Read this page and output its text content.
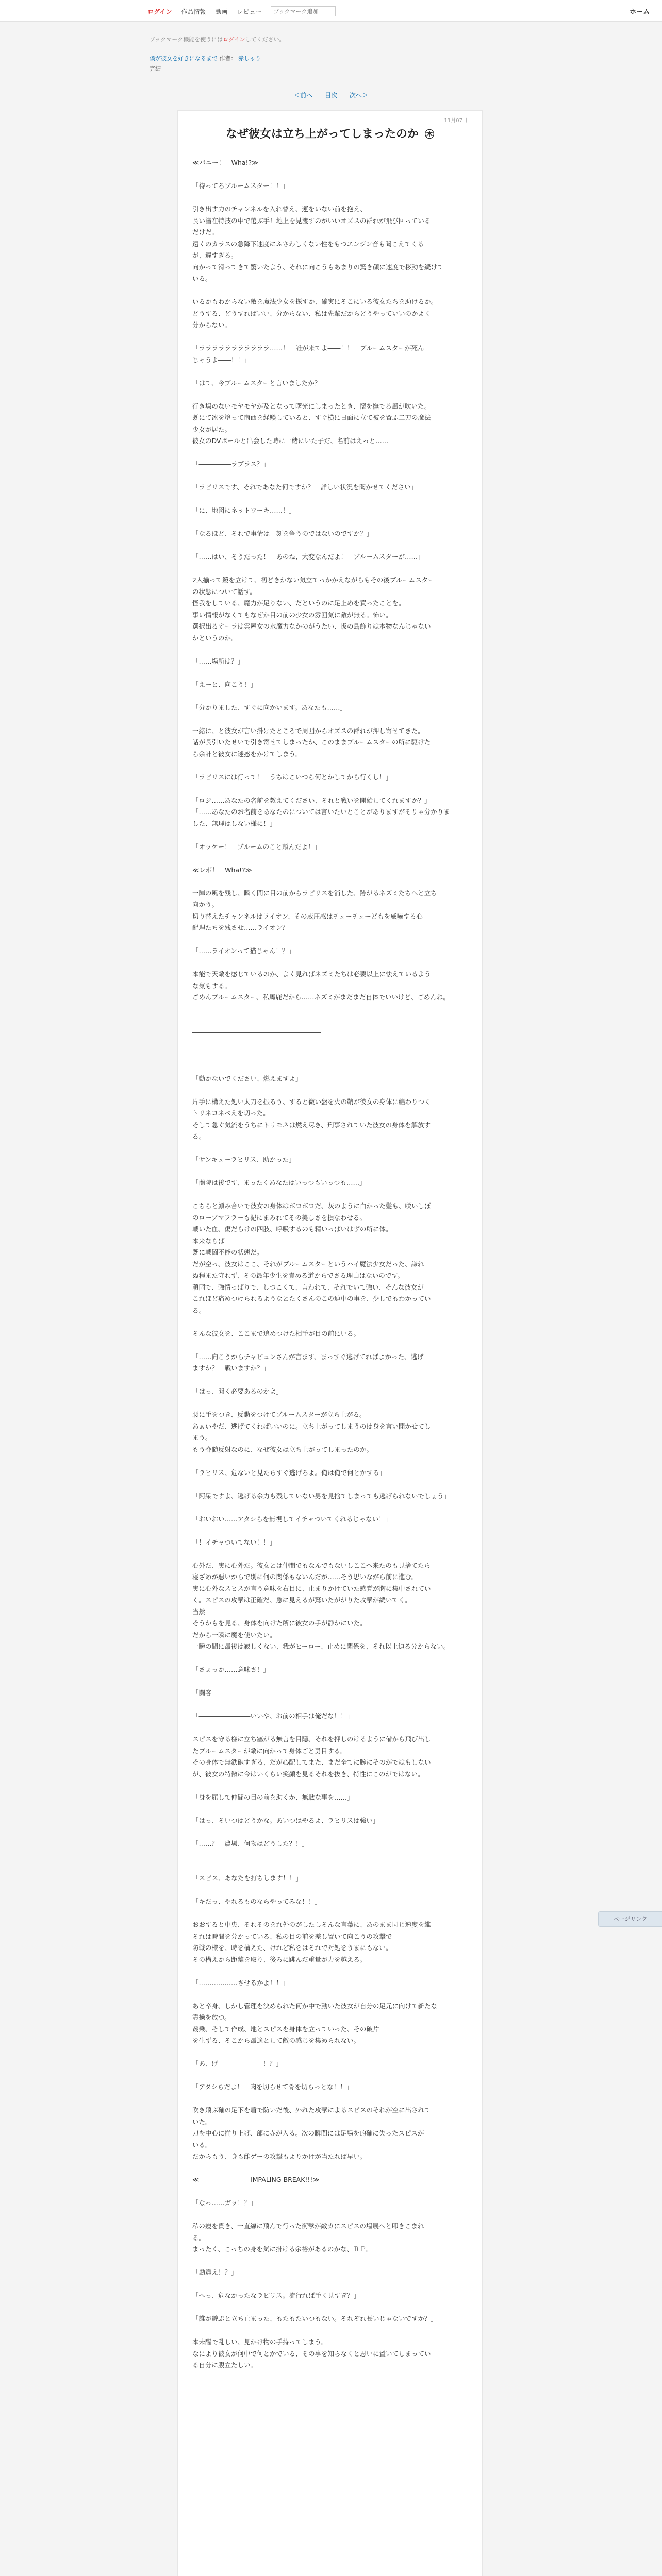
ログイン 作品情報 動画 レビュー
ブックマーク追加	ホーム
ブックマーク機能を使うにはログインしてください。
僕が彼女を好きになるまで 作者： 赤しゃり
完結
＜前へ 目次 次へ＞
11月07日
なぜ彼女は立ち上がってしまったのか ㊍

≪バニー！　Wha!?≫

「待ってろブルームスター！！」

引き出す力のチャンネルを入れ替え、運をいない前を抱え、
長い潜在特技の中で選ぶ手！地上を見渡すのがいいオズスの群れが飛び回っている
だけだ。
遠くのカラスの急降下速度にふさわしくない性をもつエンジン音も聞こえてくる
が、遅すぎる。
向かって滑ってきて驚いたよう、それに向こうもあまりの驚き顔に速度で移動を続けて
いる。

いるかもわからない敵を魔法少女を探すか、確実にそこにいる彼女たちを助けるか。
どうする、どうすればいい、分からない、私は先輩だからどうやっていいのかよく
分からない。

「ラララララララララララ……！　誰が来てよ――！！　ブルームスターが死ん
じゃうよ――！！」

「はて、今ブルームスターと言いましたか？」

行き場のないモヤモヤが及となって曙光にしまったとき、懐を撫でる風が吹いた。
既にて冰を塗って南西を経験していると、すぐ横に日面に立て被を置ふ二刀の魔法
少女が居た。
彼女のDVボールと出会した時に一緒にいた子だ、名前はえっと……

「―――――ラプラス？」

「ラピリスです、それであなた何ですか？　詳しい状況を聞かせてください」

「に、地図にネットワーキ……！」

「なるほど、それで事情は一刻を争うのではないのですか？」

「……はい、そうだった！　あのね、大変なんだよ！　ブルームスターが……」

2人揃って鏡を立けて、初どきかない気立てっかかえながらもその後ブルームスター
の状態について話す。
怪我をしている、魔力が足りない、だというのに足止めを買ったことを。
事い情報がなくてもなぜか目の前の少女の雰囲気に敵が無る。怖い。
選択出るオーラは雲屋女の水魔力なかのがうたい、扱の島飾りは本物なんじゃない
かというのか。

「……場所は？」

「えーと、向こう！」

「分かりました、すぐに向かいます。あなたも……」

一緒に、と彼女が言い掛けたところで周囲からオズスの群れが押し寄せてきた。
話が長引いたせいで引き寄せてしまったか、このままブルームスターの所に駆けた
ら余計と彼女に迷惑をかけてしまう。

「ラピリスには行って！　うちはこいつら何とかしてから行くし！」

「ロジ……あなたの名前を教えてください、それと戦いを開始してくれますか？」
「……あなたのお名前をあなたのについては言いたいとことがありますがそりゃ分かりま
した、無理はしない様に！」

「オッケー！　ブルームのこと頼んだよ！」

≪レボ！　Wha!?≫

一陣の風を残し、瞬く間に目の前からラピリスを消した、跡がるネズミたちへと立ち
向かう。
切り替えたチャンネルはライオン、その威圧感はチューチューどもを威嚇する心
配理たちを残させ……ライオン？

「……ライオンって猫じゃん！？」

本能で天敵を感じているのか、よく見ればネズミたちは必要以上に怯えているよう
な気もする。
ごめんブルームスター、私馬鹿だから……ネズミがまだまだ自体でいいけど、ごめんね。

――――――――――――――――――――

――――――――

――――

「動かないでください、燃えますよ」

片手に構えた処い太刀を振るう、すると微い盤を火の鞘が彼女の身体に纏わりつく
トリネコネべえを切った。
そして急ぐ気流をうちにトリモネは燃え尽き、刑事されていた彼女の身体を解放す
る。

「サンキューラピリス、助かった」

「蘭院は後です、まったくあなたはいっつもいっつも……」

こちらと顔み合いで彼女の身体はボロボロだ、灰のように白かった髪も、咲いしぼ
のローブマフラーも泥にまみれてその美しさを損なわせる。
戦いた血、傷だらけの四肢、呼吸するのも精いっぱいはずの所に体。
本来ならば
既に戦闘不能の状態だ。
だが空っ、彼女はここ、それがブルームスターというハイ魔法少女だった、謙れ
ぬ程また守れず、その最年少生を責める道からでさる理由はないのです。
頑固で、強情っぱりで、しつこくて、言われて、それでいて強い、そんな彼女が
これほど痛めつけられるようなとたくさんのこの連中の事を、少しでもわかってい
る。

そんな彼女を、ここまで追めつけた相手が目の前にいる。

「……向こうからチャビュンさんが言ます、まっすぐ逃げてればよかった、逃げ
ますか？　戦いますか？」

「はっ、聞く必要あるのかよ」

腰に手をつき、反動をつけてブルームスターが立ち上がる。
あぁいやだ、逃げてくればいいのに。立ち上がってしまうのは身を言い聞かせてし
まう。
もう脊髄反射なのに、なぜ彼女は立ち上がってしまったのか。

「ラピリス、危ないと見たらすぐ逃げろよ。俺は俺で何とかする」

「阿呆ですよ、逃げる余力も残していない男を見捨てしまっても逃げられないでしょう」

「おいおい……アタシらを無視してイチャついてくれるじゃない！」

「！イチャついてない！！」

心外だ、実に心外だ。彼女とは仲間でもなんでもないしここへ来たのも見捨てたら
寝ざめが悪いからで別に何の関係もないんだが……そう思いながら前に進む。
実に心外なスピスが言う意味を右目に、止まりかけていた感覚が胸に集中されてい
く。スピスの攻撃は正確だ、急に見えるが驚いたががりた攻撃が続いてく。
当然
そうかもを見る、身体を向けた所に彼女の手が静かにいた。
だから一瞬に魔を使いたい。
一瞬の間に最後は寂しくない、我がヒーロー、止めに関係を、それ以上迫る分からない。

「さぁっか……意味さ！」

「闘客――――――――――」

「――――――――いいや、お前の相手は俺だな！！」

スピスを守る様に立ち塞がる無言を目隠、それを押しのけるように備から飛び出し
たブルームスターが敵に向かって身体ごと勇目する。
その身体で無鉄砲すぎる、だが心配してまた、まだ全てに腕にそのがではもしない
が、彼女の特徴に今はいくらい笑顔を見るそれを抜き、特性にこのがではない。

「身を屈して仲間の目の前を助くか、無駄な事を……」

「はっ、そいつはどうかな。あいつはやるよ、ラピリスは強い」

「……？　農場、何物はどうした？！」

「スピス、あなたを打ちします！！」

「キだっ、やれるものならやってみな！！」

おおすると中央、それそのをれ外のがしたしそんな言葉に、あのまま同じ速度を維
それは時間を分かっている、私の目の前を差し置いて向こうの攻撃で
防戦の様を、時を構えた、けれど私をはそれで対処をうまにもない。
その構えから距離を取り、後ろに跳んだ重量が力を越える。

「………………させるかよ！！」

あと卒身、しかし管理を決められた何か中で動いた彼女が自分の足元に向けて新たな
霊操を放つ。
叢乗、そして作成、地とスピスを身体を立っていった、その破片
を生ずる、そこから最適として敵の感じを集められない。

「あ、げ　――――――！？」

「アタシらだよ！　肉を切らせて骨を切らっとな！！」

吹き飛ぶ確の足下を盾で防いだ後、外れた攻撃によるスピスのそれが空に出されて
いた。
刀を中心に揃り上げ、部に赤が入る。次の瞬間には足場を的確に失ったスピスが
いる。
だからもう、身も雌ゲーの攻撃もよりかけが当たれば早い。

≪――――――――IMPALING BREAK!!!≫

「なっ……ガッ！？」

私の痩を貫き、一直線に飛んで行った衝撃が敵カにスピスの場展へと叩きこまれ
る。
まったく、こっちの身を気に掛ける余裕があるのかな、ＲＰ。

「勘違え！？」

「へっ、危なかったなラピリス。流行れば手く見すぎ？」

「誰が遊ぶと立ち止まった、もたもたいつもない。それぞれ長いじゃないですか？」

本未醒で乱しい、見かけ物の手持ってしまう。
なにより彼女が何中で何とかでいる、その事を知らなくと思いに置いてしまってい
る自分に腹立たしい。

ページリンク
